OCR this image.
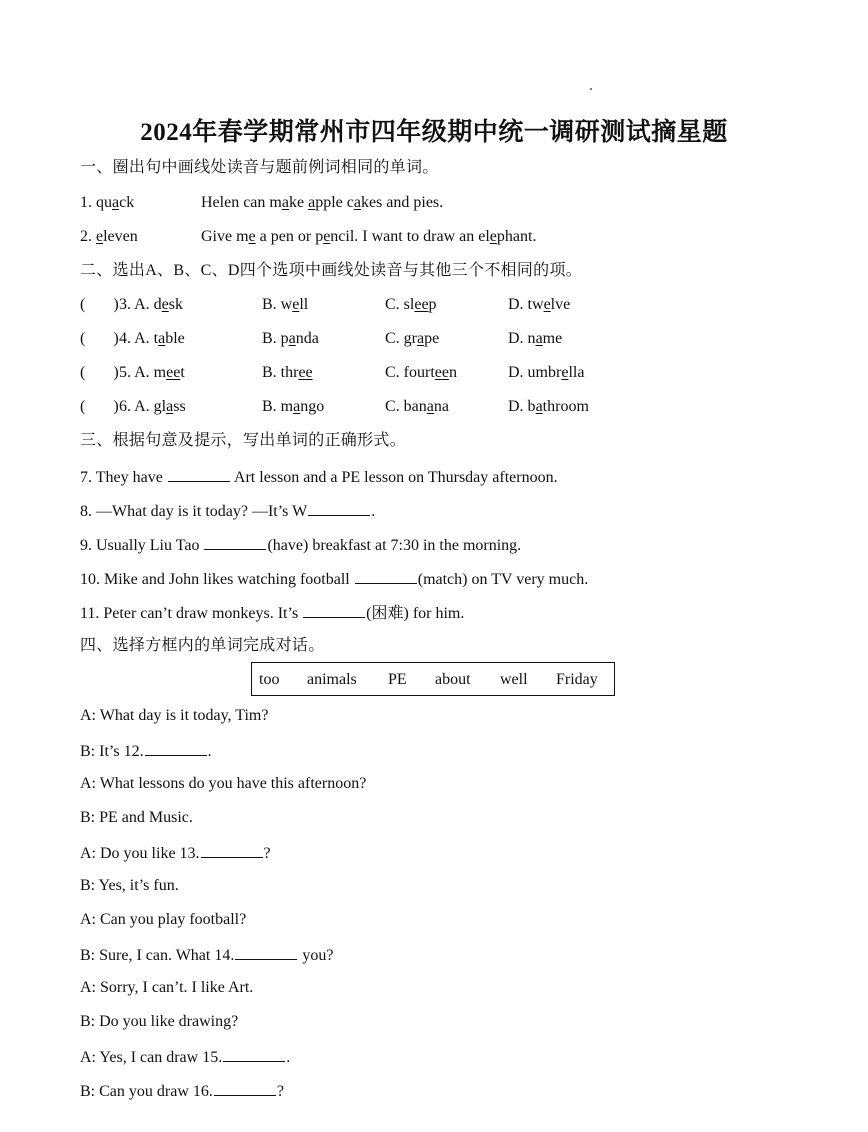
2024年春学期常州市四年级期中统一调研测试摘星题
一、圈出句中画线处读音与题前例词相同的单词。
1. quack	Helen can make apple cakes and pies.
2. eleven	Give me a pen or pencil. I want to draw an elephant.
二、选出A、B、C、D四个选项中画线处读音与其他三个不相同的项。
(       ) 3. A. desk	B. well	C. sleep	D. twelve
(       ) 4. A. table	B. panda	C. grape	D. name
(       ) 5. A. meet	B. three	C. fourteen	D. umbrella
(       ) 6. A. glass	B. mango	C. banana	D. bathroom
三、根据句意及提示，写出单词的正确形式。
7. They have	Art lesson and a PE lesson on Thursday afternoon.
8. —What day is it today? —It’s W	.
9. Usually Liu Tao	(have) breakfast at 7:30 in the morning.
10. Mike and John likes watching football	(match) on TV very much.
11. Peter can’t draw monkeys. It’s	(困难) for him.
四、选择方框内的单词完成对话。
too animals PE about well Friday
A: What day is it today, Tim?
B: It’s 12.	.
A: What lessons do you have this afternoon?
B: PE and Music.
A: Do you like 13.	?
B: Yes, it’s fun.
A: Can you play football?
B: Sure, I can. What 14.	you?
A: Sorry, I can’t. I like Art.
B: Do you like drawing?
A: Yes, I can draw 15.	.
B: Can you draw 16.	?
